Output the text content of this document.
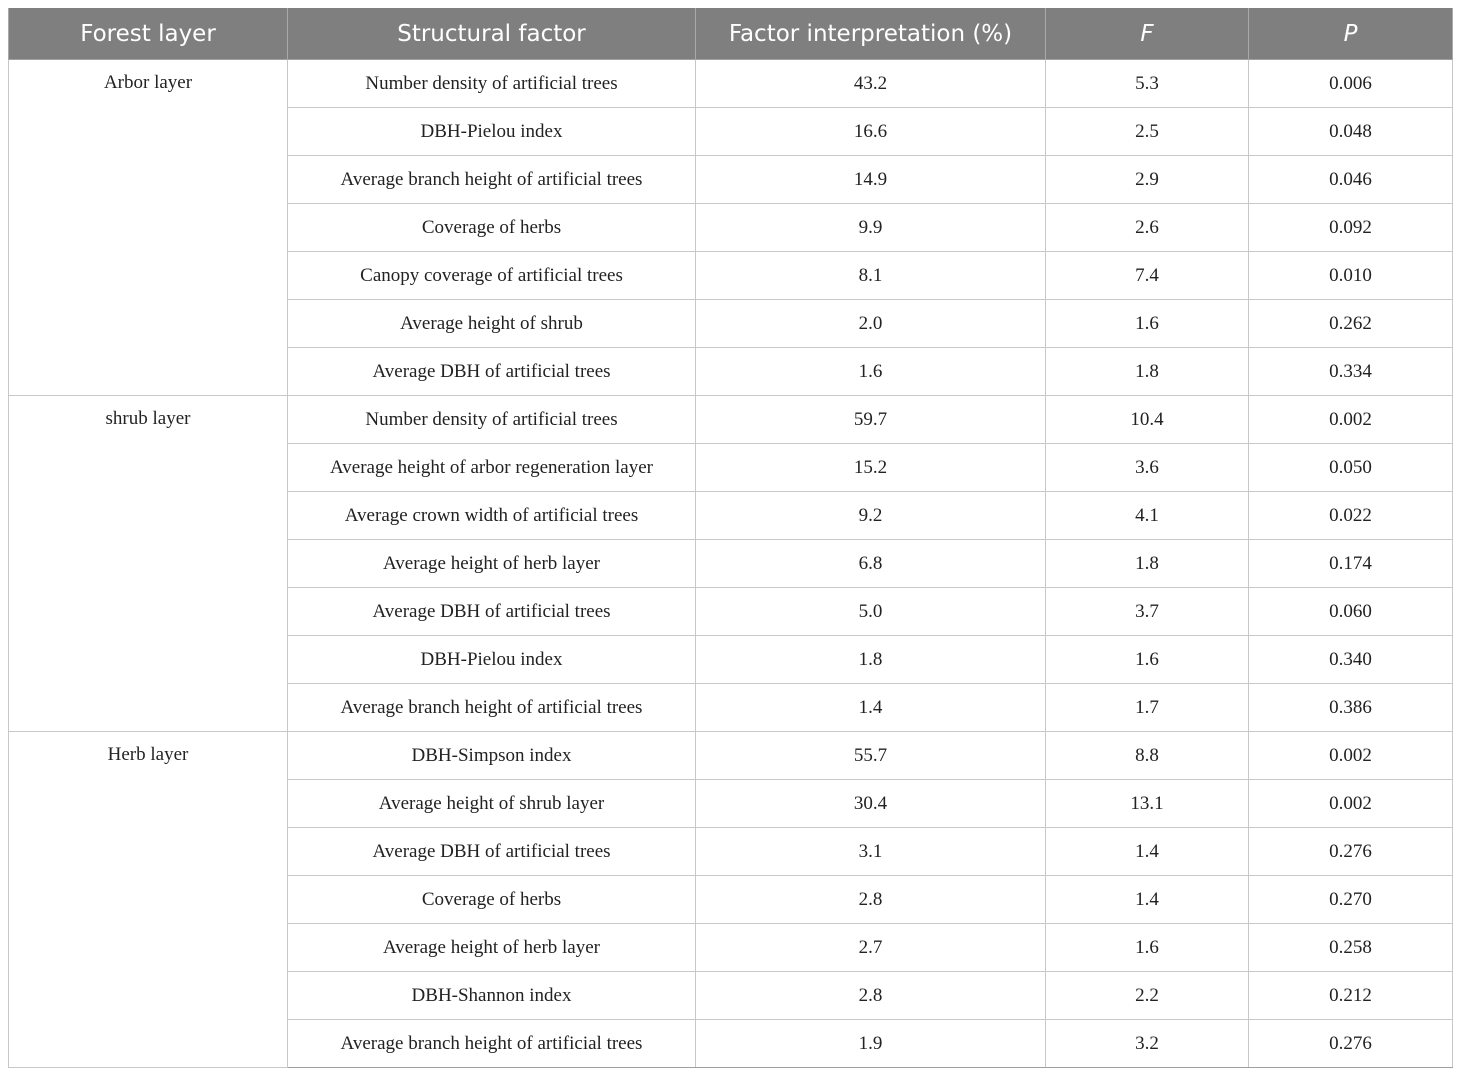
Forest layer	Structural factor	Factor interpretation (%)	F	P
Arbor layer	Number density of artificial trees	43.2	5.3	0.006
	DBH-Pielou index	16.6	2.5	0.048
	Average branch height of artificial trees	14.9	2.9	0.046
	Coverage of herbs	9.9	2.6	0.092
	Canopy coverage of artificial trees	8.1	7.4	0.010
	Average height of shrub	2.0	1.6	0.262
	Average DBH of artificial trees	1.6	1.8	0.334
shrub layer	Number density of artificial trees	59.7	10.4	0.002
	Average height of arbor regeneration layer	15.2	3.6	0.050
	Average crown width of artificial trees	9.2	4.1	0.022
	Average height of herb layer	6.8	1.8	0.174
	Average DBH of artificial trees	5.0	3.7	0.060
	DBH-Pielou index	1.8	1.6	0.340
	Average branch height of artificial trees	1.4	1.7	0.386
Herb layer	DBH-Simpson index	55.7	8.8	0.002
	Average height of shrub layer	30.4	13.1	0.002
	Average DBH of artificial trees	3.1	1.4	0.276
	Coverage of herbs	2.8	1.4	0.270
	Average height of herb layer	2.7	1.6	0.258
	DBH-Shannon index	2.8	2.2	0.212
	Average branch height of artificial trees	1.9	3.2	0.276
